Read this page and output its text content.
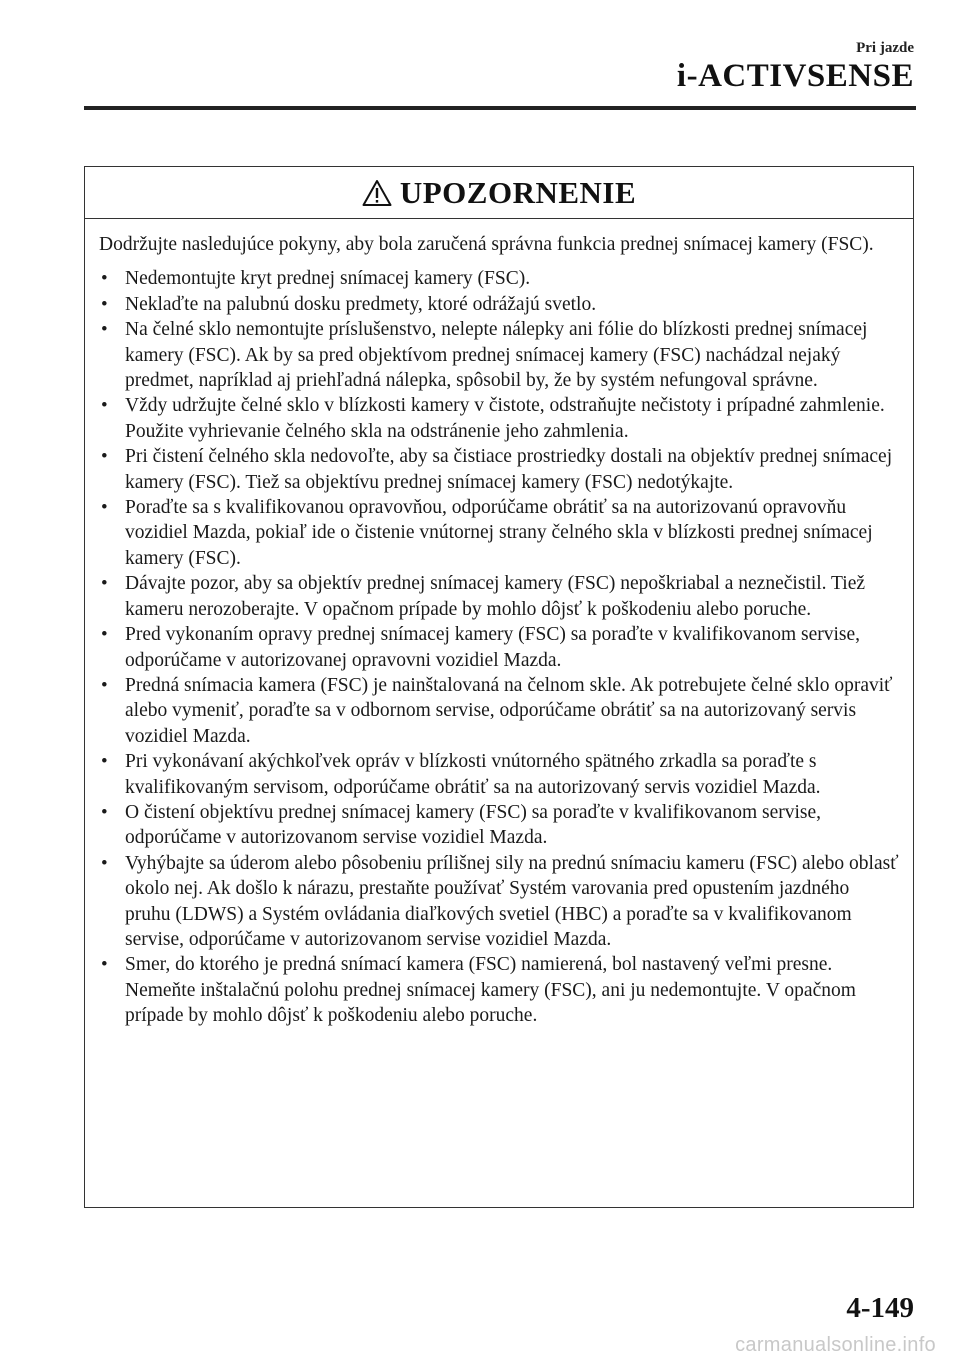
Pri jazde
i-ACTIVSENSE
UPOZORNENIE

Dodržujte nasledujúce pokyny, aby bola zaručená správna funkcia prednej snímacej kamery (FSC).

• Nedemontujte kryt prednej snímacej kamery (FSC).
• Neklaďte na palubnú dosku predmety, ktoré odrážajú svetlo.
• Na čelné sklo nemontujte príslušenstvo, nelepte nálepky ani fólie do blízkosti prednej snímacej kamery (FSC). Ak by sa pred objektívom prednej snímacej kamery (FSC) nachádzal nejaký predmet, napríklad aj priehľadná nálepka, spôsobil by, že by systém nefungoval správne.
• Vždy udržujte čelné sklo v blízkosti kamery v čistote, odstraňujte nečistoty i prípadné zahmlenie. Použite vyhrievanie čelného skla na odstránenie jeho zahmlenia.
• Pri čistení čelného skla nedovoľte, aby sa čistiace prostriedky dostali na objektív prednej snímacej kamery (FSC). Tiež sa objektívu prednej snímacej kamery (FSC) nedotýkajte.
• Poraďte sa s kvalifikovanou opravovňou, odporúčame obrátiť sa na autorizovanú opravovňu vozidiel Mazda, pokiaľ ide o čistenie vnútornej strany čelného skla v blízkosti prednej snímacej kamery (FSC).
• Dávajte pozor, aby sa objektív prednej snímacej kamery (FSC) nepoškriabal a neznečistil. Tiež kameru nerozoberajte. V opačnom prípade by mohlo dôjsť k poškodeniu alebo poruche.
• Pred vykonaním opravy prednej snímacej kamery (FSC) sa poraďte v kvalifikovanom servise, odporúčame v autorizovanej opravovni vozidiel Mazda.
• Predná snímacia kamera (FSC) je nainštalovaná na čelnom skle. Ak potrebujete čelné sklo opraviť alebo vymeniť, poraďte sa v odbornom servise, odporúčame obrátiť sa na autorizovaný servis vozidiel Mazda.
• Pri vykonávaní akýchkoľvek opráv v blízkosti vnútorného spätného zrkadla sa poraďte s kvalifikovaným servisom, odporúčame obrátiť sa na autorizovaný servis vozidiel Mazda.
• O čistení objektívu prednej snímacej kamery (FSC) sa poraďte v kvalifikovanom servise, odporúčame v autorizovanom servise vozidiel Mazda.
• Vyhýbajte sa úderom alebo pôsobeniu prílišnej sily na prednú snímaciu kameru (FSC) alebo oblasť okolo nej. Ak došlo k nárazu, prestaňte používať Systém varovania pred opustením jazdného pruhu (LDWS) a Systém ovládania diaľkových svetiel (HBC) a poraďte sa v kvalifikovanom servise, odporúčame v autorizovanom servise vozidiel Mazda.
• Smer, do ktorého je predná snímací kamera (FSC) namierená, bol nastavený veľmi presne. Nemeňte inštalačnú polohu prednej snímacej kamery (FSC), ani ju nedemontujte. V opačnom prípade by mohlo dôjsť k poškodeniu alebo poruche.
4-149
carmanualsonline.info
